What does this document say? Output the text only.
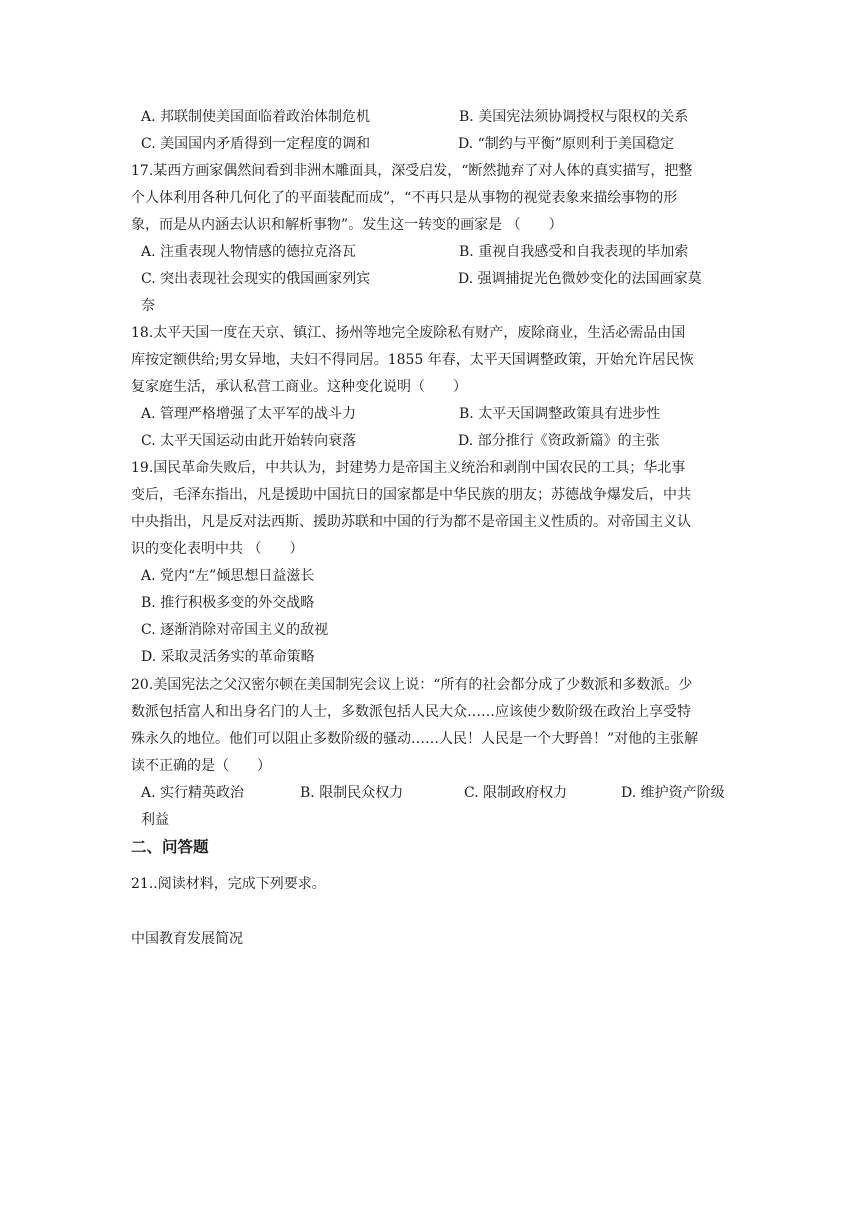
A. 邦联制使美国面临着政治体制危机	B. 美国宪法须协调授权与限权的关系
C. 美国国内矛盾得到一定程度的调和	D. “制约与平衡”原则利于美国稳定
17.某西方画家偶然间看到非洲木雕面具，深受启发，“断然抛弃了对人体的真实描写，把整
个人体利用各种几何化了的平面装配而成”，“不再只是从事物的视觉表象来描绘事物的形
象，而是从内涵去认识和解析事物”。发生这一转变的画家是 （　　）
A. 注重表现人物情感的德拉克洛瓦	B. 重视自我感受和自我表现的毕加索
C. 突出表现社会现实的俄国画家列宾	D. 强调捕捉光色微妙变化的法国画家莫
奈
18.太平天国一度在天京、镇江、扬州等地完全废除私有财产，废除商业，生活必需品由国
库按定额供给;男女异地，夫妇不得同居。1855 年春，太平天国调整政策，开始允许居民恢
复家庭生活，承认私营工商业。这种变化说明（　　）
A. 管理严格增强了太平军的战斗力	B. 太平天国调整政策具有进步性
C. 太平天国运动由此开始转向衰落	D. 部分推行《资政新篇》的主张
19.国民革命失败后，中共认为，封建势力是帝国主义统治和剥削中国农民的工具；华北事
变后，毛泽东指出，凡是援助中国抗日的国家都是中华民族的朋友；苏德战争爆发后，中共
中央指出，凡是反对法西斯、援助苏联和中国的行为都不是帝国主义性质的。对帝国主义认
识的变化表明中共 （　　）
A. 党内“左”倾思想日益滋长
B. 推行积极多变的外交战略
C. 逐渐消除对帝国主义的敌视
D. 采取灵活务实的革命策略
20.美国宪法之父汉密尔顿在美国制宪会议上说：“所有的社会都分成了少数派和多数派。少
数派包括富人和出身名门的人士，多数派包括人民大众……应该使少数阶级在政治上享受特
殊永久的地位。他们可以阻止多数阶级的骚动……人民！人民是一个大野兽！”对他的主张解
读不正确的是（　　）
A. 实行精英政治	B. 限制民众权力	C. 限制政府权力	D. 维护资产阶级
利益
二、问答题
21..阅读材料，完成下列要求。
中国教育发展简况
